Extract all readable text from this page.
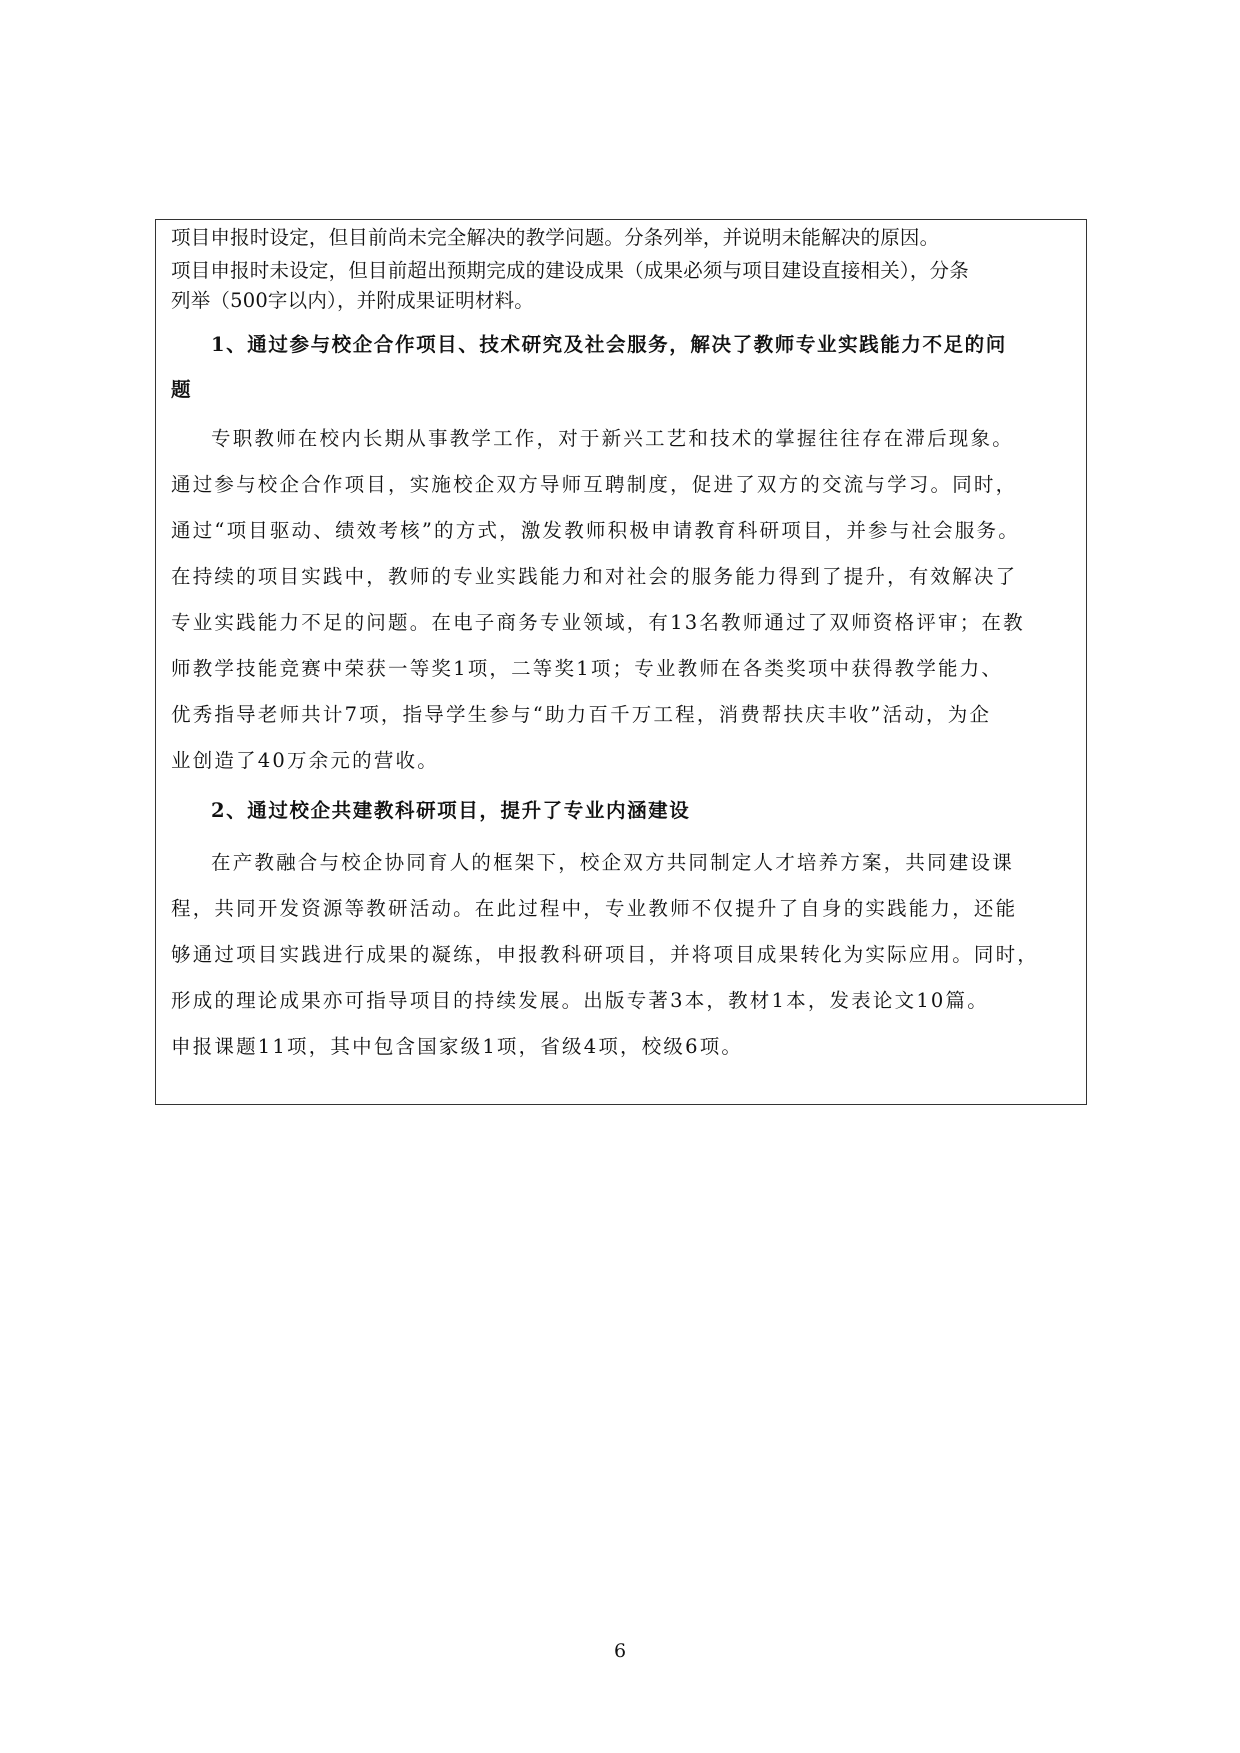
项目申报时设定，但目前尚未完全解决的教学问题。分条列举，并说明未能解决的原因。
项目申报时未设定，但目前超出预期完成的建设成果（成果必须与项目建设直接相关），分条
列举（500字以内），并附成果证明材料。
1、通过参与校企合作项目、技术研究及社会服务，解决了教师专业实践能力不足的问
题
专职教师在校内长期从事教学工作，对于新兴工艺和技术的掌握往往存在滞后现象。
通过参与校企合作项目，实施校企双方导师互聘制度，促进了双方的交流与学习。同时，
通过“项目驱动、绩效考核”的方式，激发教师积极申请教育科研项目，并参与社会服务。
在持续的项目实践中，教师的专业实践能力和对社会的服务能力得到了提升，有效解决了
专业实践能力不足的问题。在电子商务专业领域，有13名教师通过了双师资格评审；在教
师教学技能竞赛中荣获一等奖1项，二等奖1项；专业教师在各类奖项中获得教学能力、
优秀指导老师共计7项，指导学生参与“助力百千万工程，消费帮扶庆丰收”活动，为企
业创造了40万余元的营收。
2、通过校企共建教科研项目，提升了专业内涵建设
在产教融合与校企协同育人的框架下，校企双方共同制定人才培养方案，共同建设课
程，共同开发资源等教研活动。在此过程中，专业教师不仅提升了自身的实践能力，还能
够通过项目实践进行成果的凝练，申报教科研项目，并将项目成果转化为实际应用。同时，
形成的理论成果亦可指导项目的持续发展。出版专著3本，教材1本，发表论文10篇。
申报课题11项，其中包含国家级1项，省级4项，校级6项。
6
